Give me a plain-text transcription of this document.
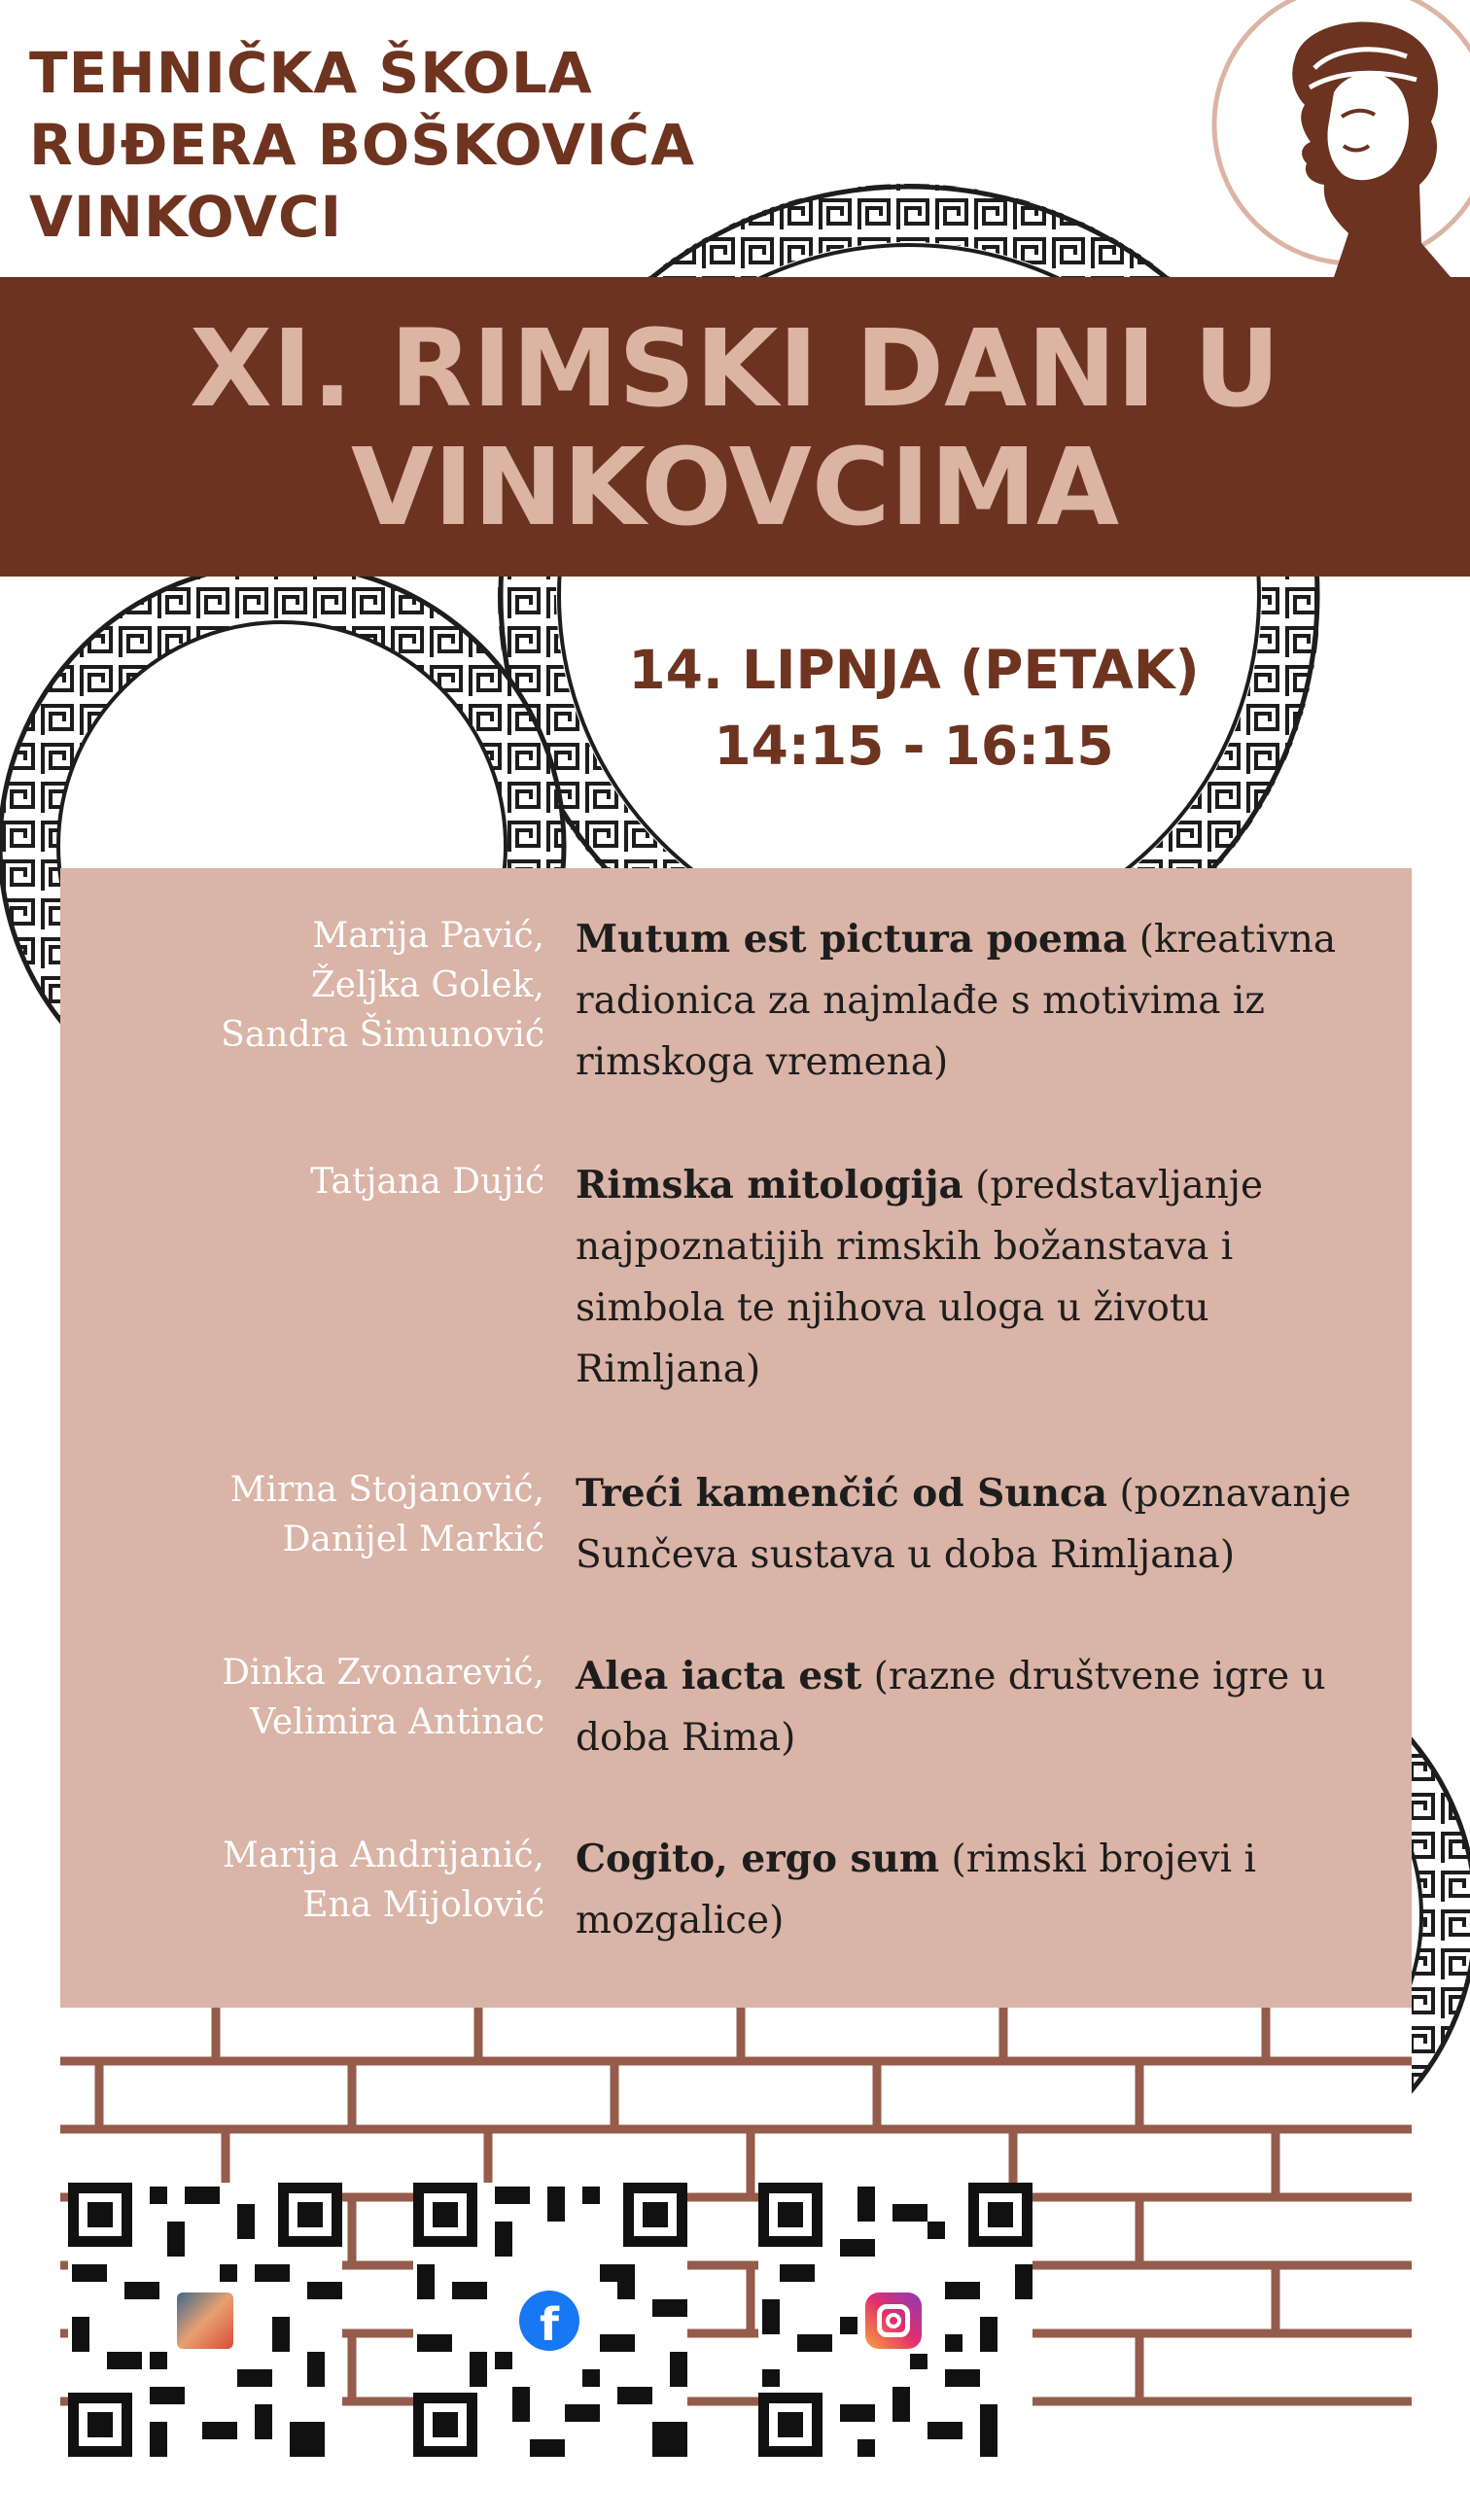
TEHNIČKA ŠKOLA
RUĐERA BOŠKOVIĆA
VINKOVCI
XI. RIMSKI DANI U
VINKOVCIMA
14. LIPNJA (PETAK)
14:15 - 16:15
Marija Pavić,
Željka Golek,
Sandra Šimunović
Mutum est pictura poema (kreativna radionica za najmlađe s motivima iz rimskoga vremena)
Tatjana Dujić Rimska mitologija (predstavljanje najpoznatijih rimskih božanstava i simbola te njihova uloga u životu Rimljana)
Mirna Stojanović,
Danijel Markić
Treći kamenčić od Sunca (poznavanje Sunčeva sustava u doba Rimljana)
Dinka Zvonarević,
Velimira Antinac
Alea iacta est (razne društvene igre u doba Rima)
Marija Andrijanić,
Ena Mijolović
Cogito, ergo sum (rimski brojevi i mozgalice)
f
